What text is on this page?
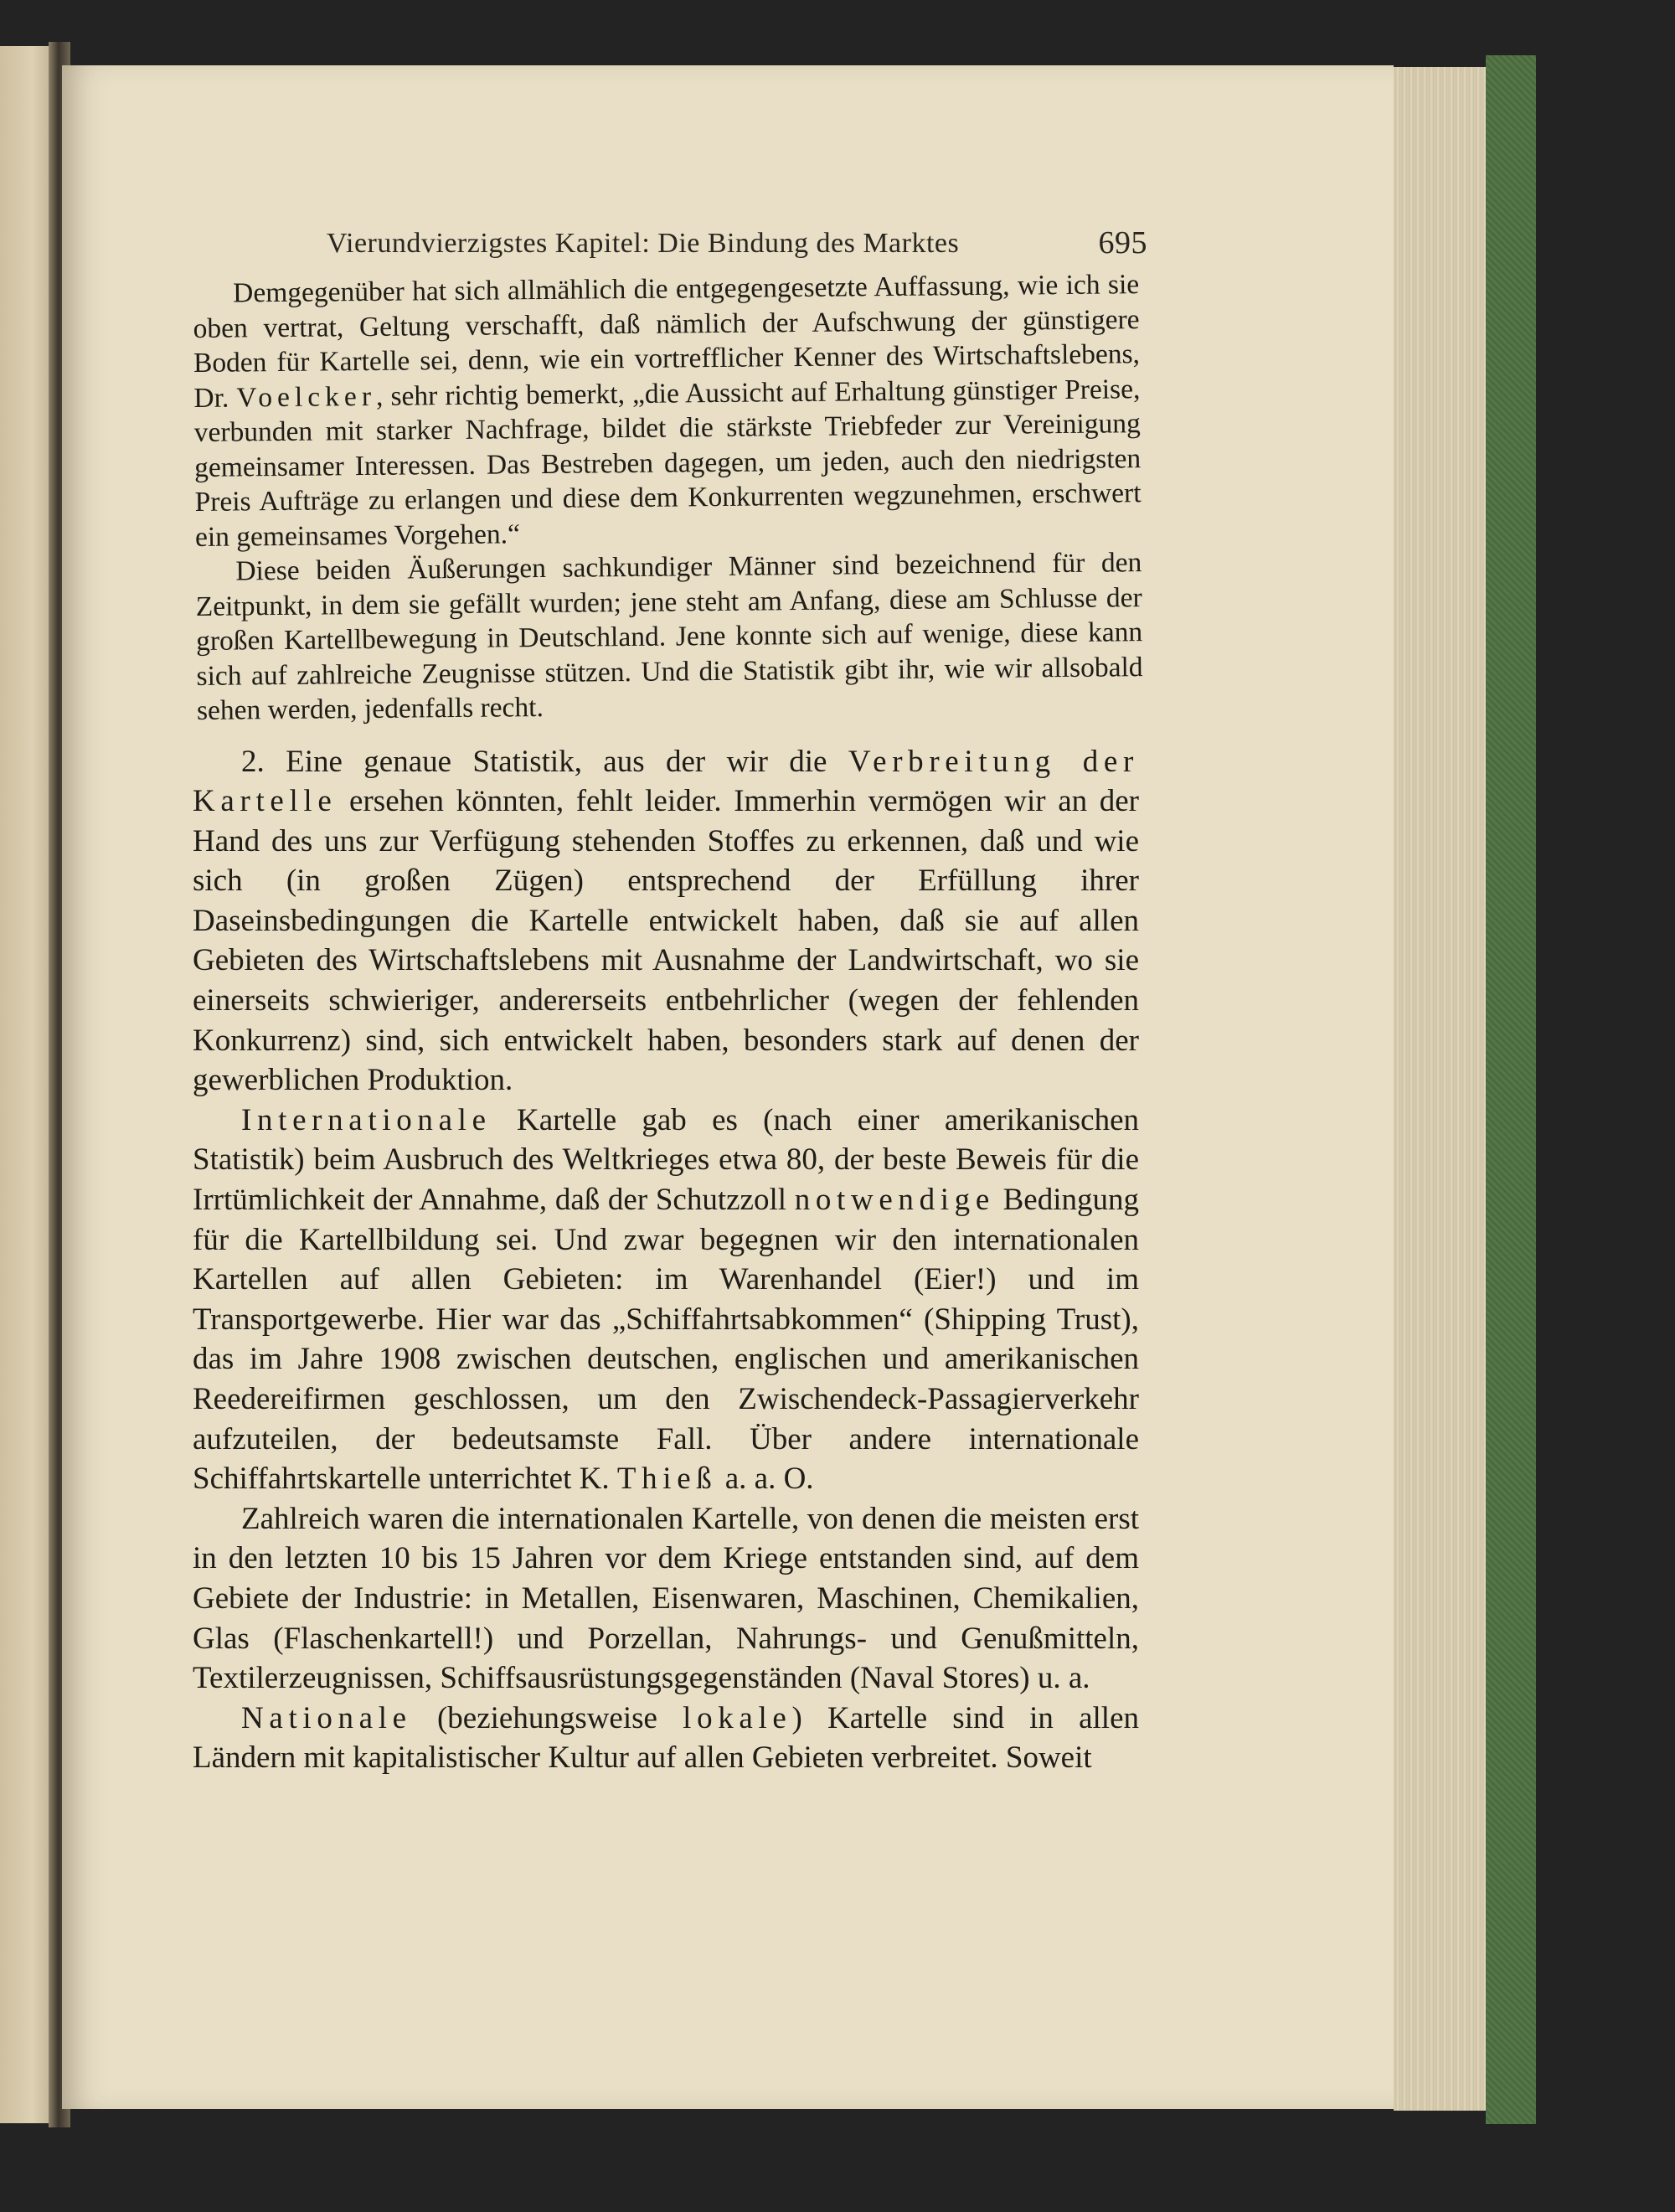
Vierundvierzigstes Kapitel: Die Bindung des Marktes	695

Demgegenüber hat sich allmählich die entgegengesetzte Auffassung, wie ich sie oben vertrat, Geltung verschafft, daß nämlich der Aufschwung der günstigere Boden für Kartelle sei, denn, wie ein vortrefflicher Kenner des Wirtschaftslebens, Dr. Voelcker, sehr richtig bemerkt, „die Aussicht auf Erhaltung günstiger Preise, verbunden mit starker Nachfrage, bildet die stärkste Triebfeder zur Vereinigung gemeinsamer Interessen. Das Bestreben dagegen, um jeden, auch den niedrigsten Preis Aufträge zu erlangen und diese dem Konkurrenten wegzunehmen, erschwert ein gemeinsames Vorgehen.“

Diese beiden Äußerungen sachkundiger Männer sind bezeichnend für den Zeitpunkt, in dem sie gefällt wurden; jene steht am Anfang, diese am Schlusse der großen Kartellbewegung in Deutschland. Jene konnte sich auf wenige, diese kann sich auf zahlreiche Zeugnisse stützen. Und die Statistik gibt ihr, wie wir allsobald sehen werden, jedenfalls recht.

2. Eine genaue Statistik, aus der wir die Verbreitung der Kartelle ersehen könnten, fehlt leider. Immerhin vermögen wir an der Hand des uns zur Verfügung stehenden Stoffes zu erkennen, daß und wie sich (in großen Zügen) entsprechend der Erfüllung ihrer Daseinsbedingungen die Kartelle entwickelt haben, daß sie auf allen Gebieten des Wirtschaftslebens mit Ausnahme der Landwirtschaft, wo sie einerseits schwieriger, andererseits entbehrlicher (wegen der fehlenden Konkurrenz) sind, sich entwickelt haben, besonders stark auf denen der gewerblichen Produktion.

Internationale Kartelle gab es (nach einer amerikanischen Statistik) beim Ausbruch des Weltkrieges etwa 80, der beste Beweis für die Irrtümlichkeit der Annahme, daß der Schutzzoll notwendige Bedingung für die Kartellbildung sei. Und zwar begegnen wir den internationalen Kartellen auf allen Gebieten: im Warenhandel (Eier!) und im Transportgewerbe. Hier war das „Schiffahrtsabkommen“ (Shipping Trust), das im Jahre 1908 zwischen deutschen, englischen und amerikanischen Reedereifirmen geschlossen, um den Zwischendeck-Passagierverkehr aufzuteilen, der bedeutsamste Fall. Über andere internationale Schiffahrtskartelle unterrichtet K. Thieß a. a. O.

Zahlreich waren die internationalen Kartelle, von denen die meisten erst in den letzten 10 bis 15 Jahren vor dem Kriege entstanden sind, auf dem Gebiete der Industrie: in Metallen, Eisenwaren, Maschinen, Chemikalien, Glas (Flaschenkartell!) und Porzellan, Nahrungs- und Genußmitteln, Textilerzeugnissen, Schiffsausrüstungsgegenständen (Naval Stores) u. a.

Nationale (beziehungsweise lokale) Kartelle sind in allen Ländern mit kapitalistischer Kultur auf allen Gebieten verbreitet. Soweit
